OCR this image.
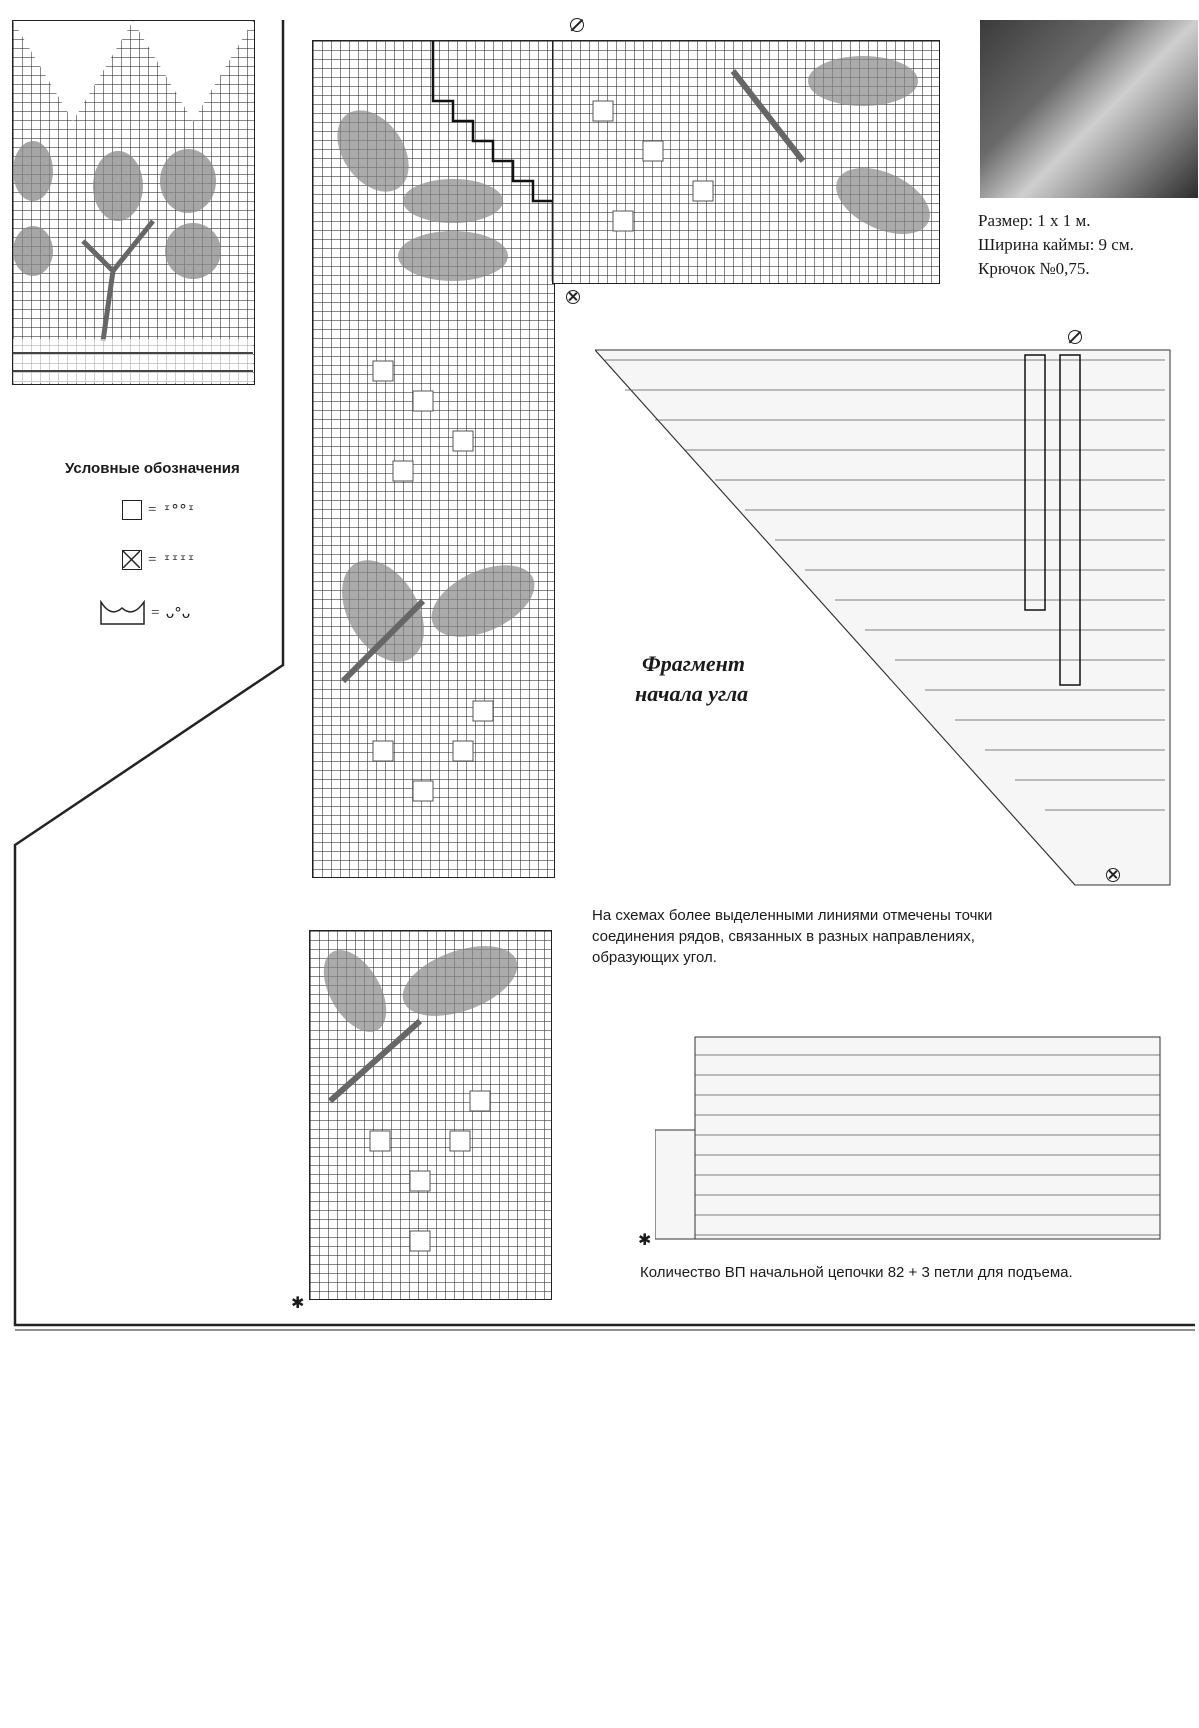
Условные обозначения
= ᶦ°°ᶦ
= ᶦᶦᶦᶦ
= ᴗ°ᴗ
Размер: 1 х 1 м.
Ширина каймы: 9 см.
Крючок №0,75.
Фрагмент
начала угла
На схемах более выделенными линиями отмечены точки соединения рядов, связанных в разных направлениях, образующих угол.
✱
✱
Количество ВП начальной цепочки 82 + 3 петли для подъема.
